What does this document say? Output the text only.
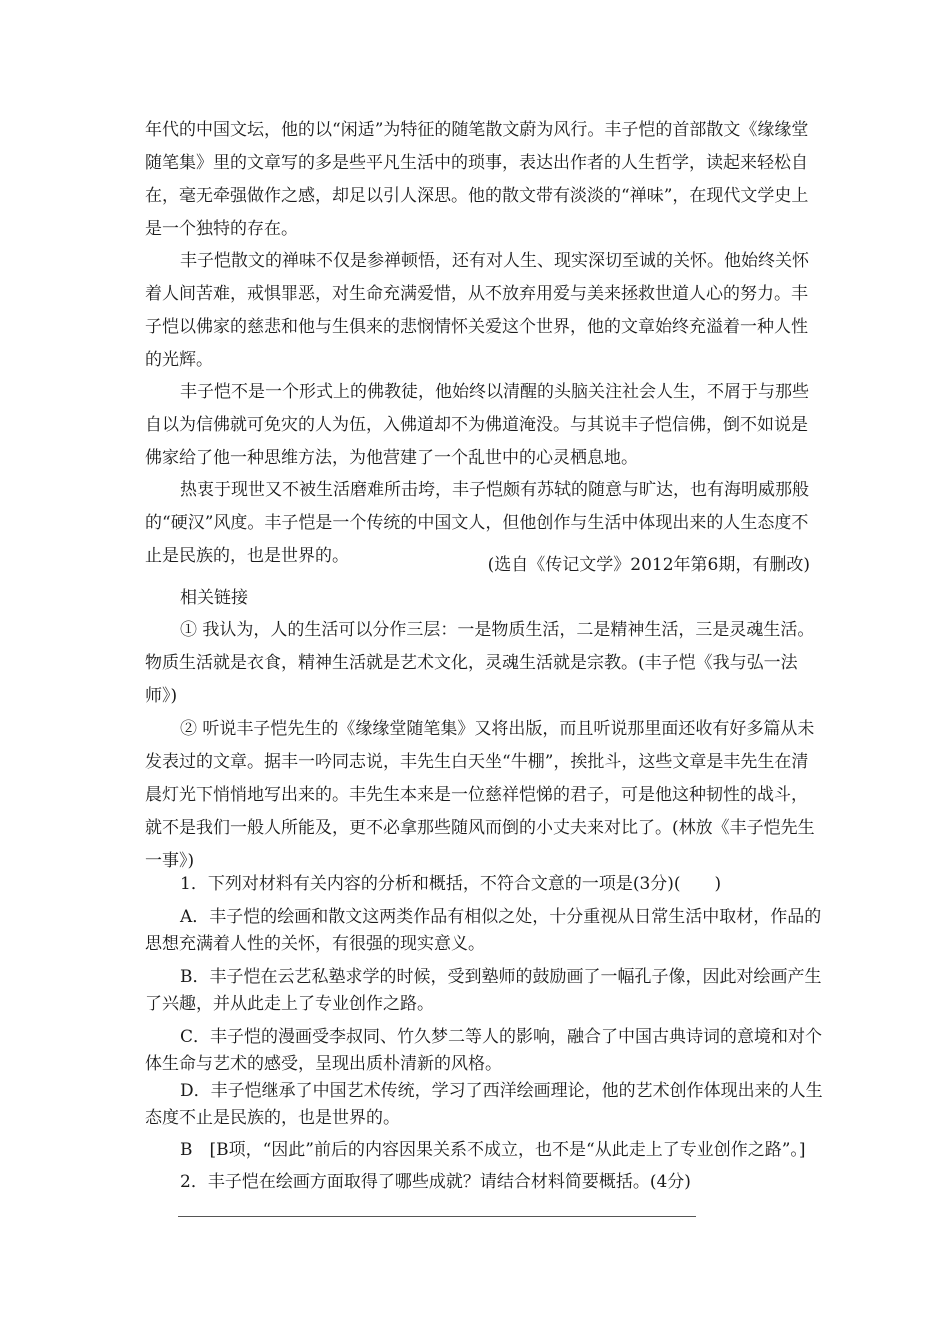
年代的中国文坛，他的以“闲适”为特征的随笔散文蔚为风行。丰子恺的首部散文《缘缘堂
随笔集》里的文章写的多是些平凡生活中的琐事，表达出作者的人生哲学，读起来轻松自
在，毫无牵强做作之感，却足以引人深思。他的散文带有淡淡的“禅味”，在现代文学史上
是一个独特的存在。
丰子恺散文的禅味不仅是参禅顿悟，还有对人生、现实深切至诚的关怀。他始终关怀
着人间苦难，戒惧罪恶，对生命充满爱惜，从不放弃用爱与美来拯救世道人心的努力。丰
子恺以佛家的慈悲和他与生俱来的悲悯情怀关爱这个世界，他的文章始终充溢着一种人性
的光辉。
丰子恺不是一个形式上的佛教徒，他始终以清醒的头脑关注社会人生，不屑于与那些
自以为信佛就可免灾的人为伍，入佛道却不为佛道淹没。与其说丰子恺信佛，倒不如说是
佛家给了他一种思维方法，为他营建了一个乱世中的心灵栖息地。
热衷于现世又不被生活磨难所击垮，丰子恺颇有苏轼的随意与旷达，也有海明威那般
的“硬汉”风度。丰子恺是一个传统的中国文人，但他创作与生活中体现出来的人生态度不
止是民族的，也是世界的。	(选自《传记文学》2012年第6期，有删改)
相关链接
① 我认为，人的生活可以分作三层：一是物质生活，二是精神生活，三是灵魂生活。
物质生活就是衣食，精神生活就是艺术文化，灵魂生活就是宗教。(丰子恺《我与弘一法
师》)
② 听说丰子恺先生的《缘缘堂随笔集》又将出版，而且听说那里面还收有好多篇从未
发表过的文章。据丰一吟同志说，丰先生白天坐“牛棚”，挨批斗，这些文章是丰先生在清
晨灯光下悄悄地写出来的。丰先生本来是一位慈祥恺悌的君子，可是他这种韧性的战斗，
就不是我们一般人所能及，更不必拿那些随风而倒的小丈夫来对比了。(林放《丰子恺先生
一事》)
1．下列对材料有关内容的分析和概括，不符合文意的一项是(3分)(　　)
A．丰子恺的绘画和散文这两类作品有相似之处，十分重视从日常生活中取材，作品的
思想充满着人性的关怀，有很强的现实意义。
B．丰子恺在云艺私塾求学的时候，受到塾师的鼓励画了一幅孔子像，因此对绘画产生
了兴趣，并从此走上了专业创作之路。
C．丰子恺的漫画受李叔同、竹久梦二等人的影响，融合了中国古典诗词的意境和对个
体生命与艺术的感受，呈现出质朴清新的风格。
D．丰子恺继承了中国艺术传统，学习了西洋绘画理论，他的艺术创作体现出来的人生
态度不止是民族的，也是世界的。
B　[B项，“因此”前后的内容因果关系不成立，也不是“从此走上了专业创作之路”。]
2．丰子恺在绘画方面取得了哪些成就？请结合材料简要概括。(4分)
